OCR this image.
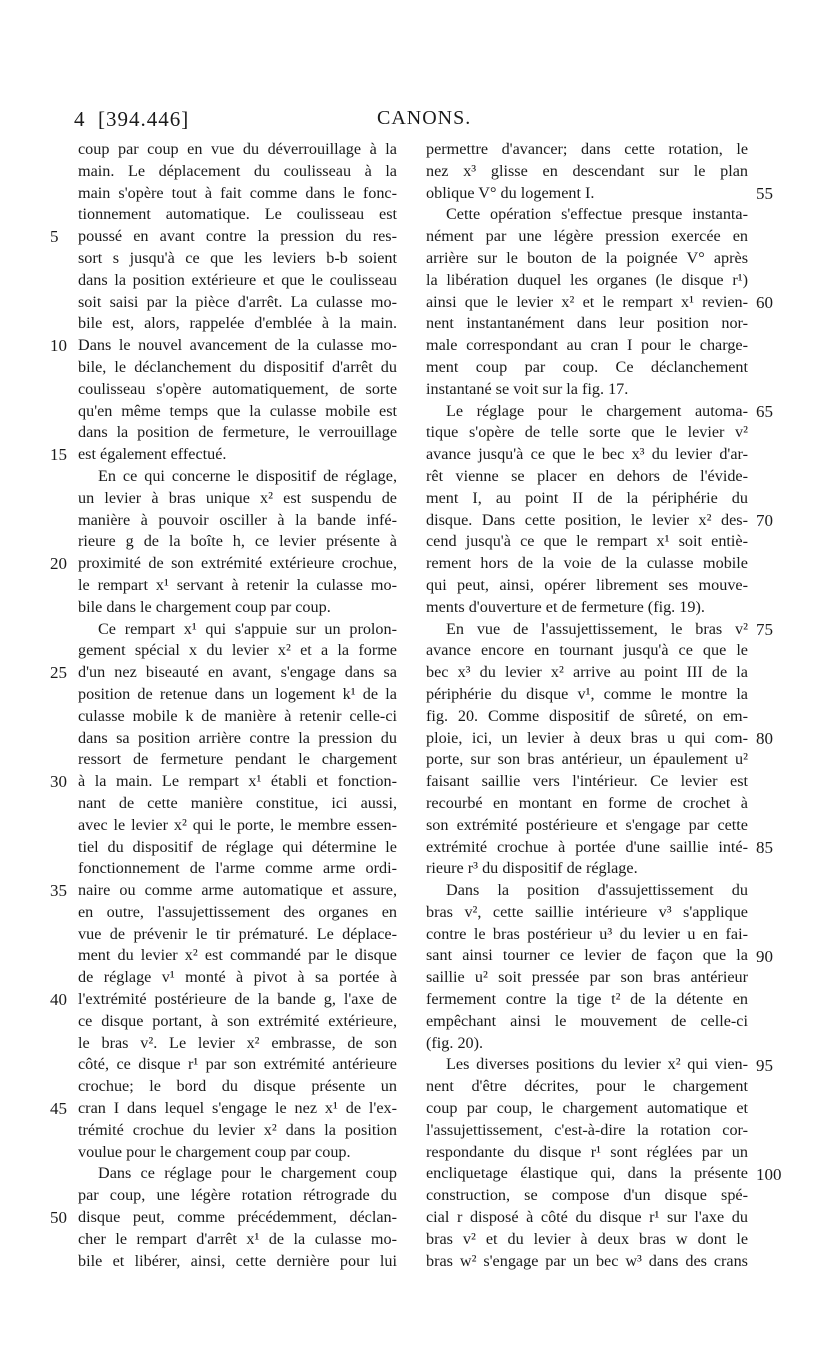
4 [394.446]	CANONS.
coup par coup en vue du déverrouillage à la
main. Le déplacement du coulisseau à la
main s'opère tout à fait comme dans le fonc-
tionnement automatique. Le coulisseau est
poussé en avant contre la pression du res-
sort s jusqu'à ce que les leviers b-b soient
dans la position extérieure et que le coulisseau
soit saisi par la pièce d'arrêt. La culasse mo-
bile est, alors, rappelée d'emblée à la main.
Dans le nouvel avancement de la culasse mo-
bile, le déclanchement du dispositif d'arrêt du
coulisseau s'opère automatiquement, de sorte
qu'en même temps que la culasse mobile est
dans la position de fermeture, le verrouillage
est également effectué.
En ce qui concerne le dispositif de réglage,
un levier à bras unique x² est suspendu de
manière à pouvoir osciller à la bande infé-
rieure g de la boîte h, ce levier présente à
proximité de son extrémité extérieure crochue,
le rempart x¹ servant à retenir la culasse mo-
bile dans le chargement coup par coup.
Ce rempart x¹ qui s'appuie sur un prolon-
gement spécial x du levier x² et a la forme
d'un nez biseauté en avant, s'engage dans sa
position de retenue dans un logement k¹ de la
culasse mobile k de manière à retenir celle-ci
dans sa position arrière contre la pression du
ressort de fermeture pendant le chargement
à la main. Le rempart x¹ établi et fonction-
nant de cette manière constitue, ici aussi,
avec le levier x² qui le porte, le membre essen-
tiel du dispositif de réglage qui détermine le
fonctionnement de l'arme comme arme ordi-
naire ou comme arme automatique et assure,
en outre, l'assujettissement des organes en
vue de prévenir le tir prématuré. Le déplace-
ment du levier x² est commandé par le disque
de réglage v¹ monté à pivot à sa portée à
l'extrémité postérieure de la bande g, l'axe de
ce disque portant, à son extrémité extérieure,
le bras v². Le levier x² embrasse, de son
côté, ce disque r¹ par son extrémité antérieure
crochue; le bord du disque présente un
cran I dans lequel s'engage le nez x¹ de l'ex-
trémité crochue du levier x² dans la position
voulue pour le chargement coup par coup.
Dans ce réglage pour le chargement coup
par coup, une légère rotation rétrograde du
disque peut, comme précédemment, déclan-
cher le rempart d'arrêt x¹ de la culasse mo-
bile et libérer, ainsi, cette dernière pour lui
permettre d'avancer; dans cette rotation, le
nez x³ glisse en descendant sur le plan
oblique V° du logement I.
Cette opération s'effectue presque instanta-
nément par une légère pression exercée en
arrière sur le bouton de la poignée V° après
la libération duquel les organes (le disque r¹)
ainsi que le levier x² et le rempart x¹ revien-
nent instantanément dans leur position nor-
male correspondant au cran I pour le charge-
ment coup par coup. Ce déclanchement
instantané se voit sur la fig. 17.
Le réglage pour le chargement automa-
tique s'opère de telle sorte que le levier v²
avance jusqu'à ce que le bec x³ du levier d'ar-
rêt vienne se placer en dehors de l'évide-
ment I, au point II de la périphérie du
disque. Dans cette position, le levier x² des-
cend jusqu'à ce que le rempart x¹ soit entiè-
rement hors de la voie de la culasse mobile
qui peut, ainsi, opérer librement ses mouve-
ments d'ouverture et de fermeture (fig. 19).
En vue de l'assujettissement, le bras v²
avance encore en tournant jusqu'à ce que le
bec x³ du levier x² arrive au point III de la
périphérie du disque v¹, comme le montre la
fig. 20. Comme dispositif de sûreté, on em-
ploie, ici, un levier à deux bras u qui com-
porte, sur son bras antérieur, un épaulement u²
faisant saillie vers l'intérieur. Ce levier est
recourbé en montant en forme de crochet à
son extrémité postérieure et s'engage par cette
extrémité crochue à portée d'une saillie inté-
rieure r³ du dispositif de réglage.
Dans la position d'assujettissement du
bras v², cette saillie intérieure v³ s'applique
contre le bras postérieur u³ du levier u en fai-
sant ainsi tourner ce levier de façon que la
saillie u² soit pressée par son bras antérieur
fermement contre la tige t² de la détente en
empêchant ainsi le mouvement de celle-ci
(fig. 20).
Les diverses positions du levier x² qui vien-
nent d'être décrites, pour le chargement
coup par coup, le chargement automatique et
l'assujettissement, c'est-à-dire la rotation cor-
respondante du disque r¹ sont réglées par un
encliquetage élastique qui, dans la présente
construction, se compose d'un disque spé-
cial r disposé à côté du disque r¹ sur l'axe du
bras v² et du levier à deux bras w dont le
bras w² s'engage par un bec w³ dans des crans
5
10
15
20
25
30
35
40
45
50
55
60
65
70
75
80
85
90
95
100
